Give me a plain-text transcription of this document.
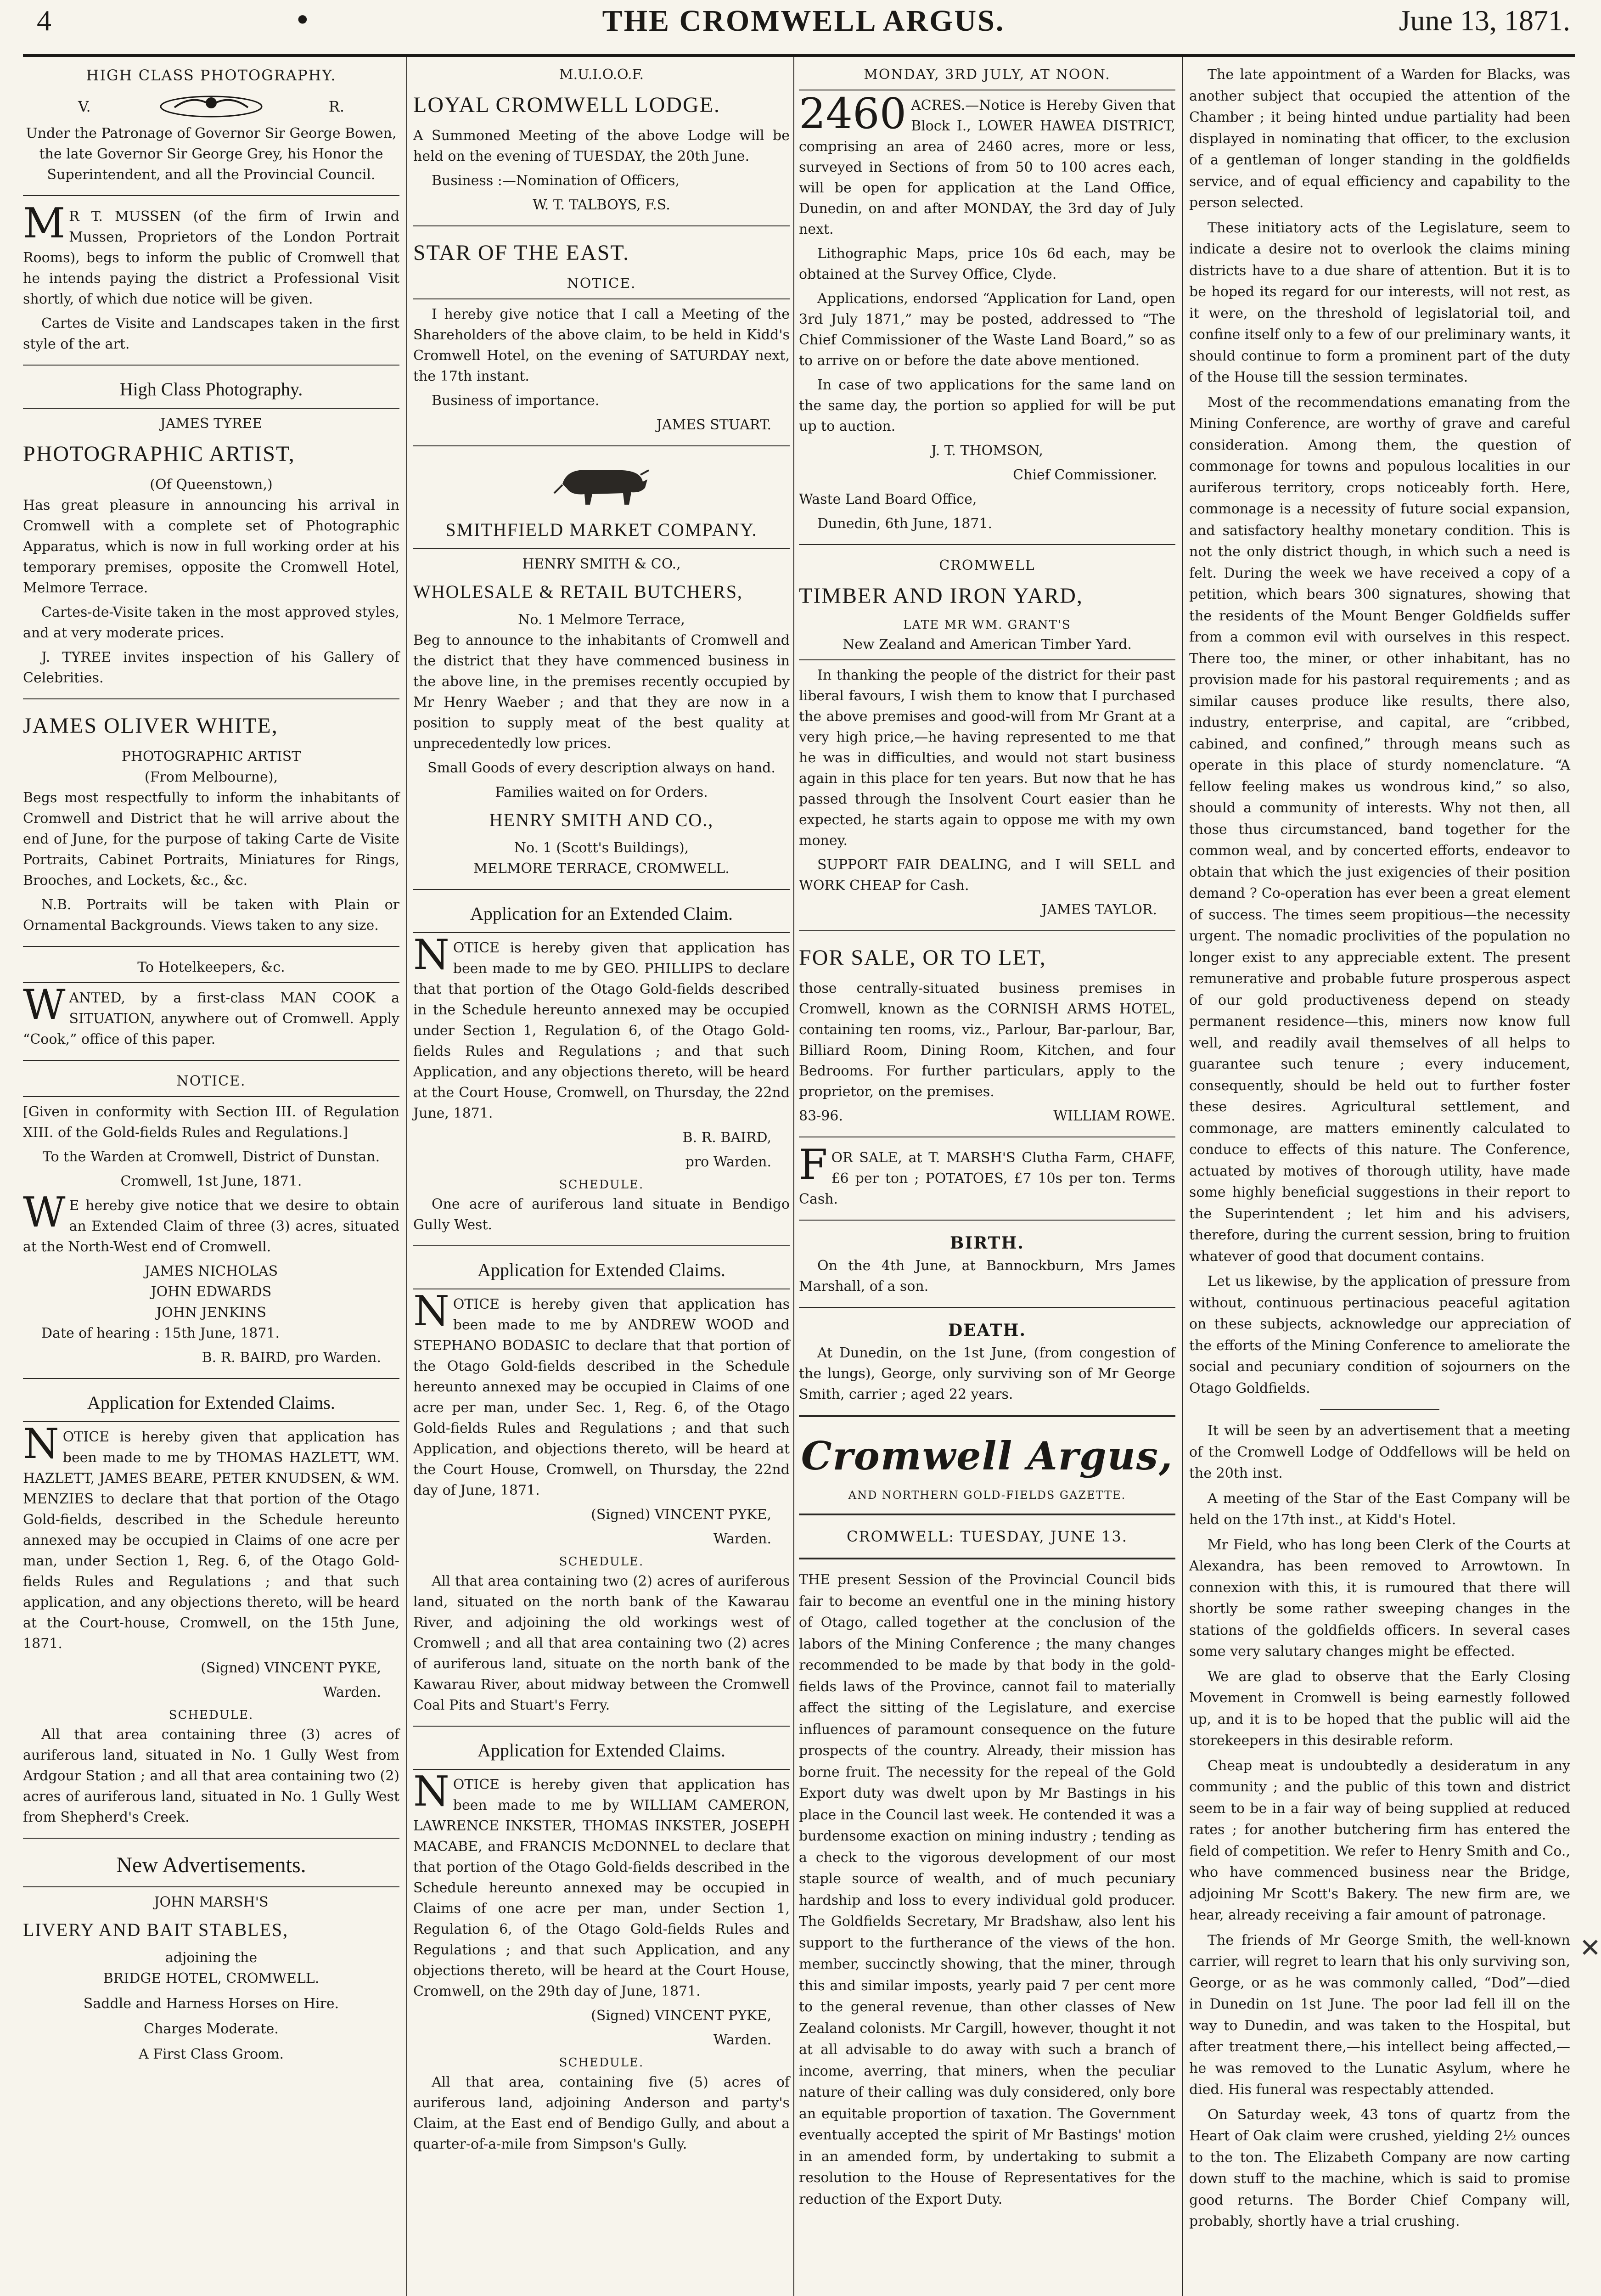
4	•	THE CROMWELL ARGUS.	June 13, 1871.
HIGH CLASS PHOTOGRAPHY.
V.	R.

Under the Patronage of Governor Sir George Bowen, the late Governor Sir George Grey, his Honor the Superintendent, and all the Provincial Council.

MR T. MUSSEN (of the firm of Irwin and Mussen, Proprietors of the London Portrait Rooms), begs to inform the public of Cromwell that he intends paying the district a Professional Visit shortly, of which due notice will be given.

Cartes de Visite and Landscapes taken in the first style of the art.

High Class Photography.
JAMES TYREE
PHOTOGRAPHIC ARTIST,
(Of Queenstown,)

Has great pleasure in announcing his arrival in Cromwell with a complete set of Photographic Apparatus, which is now in full working order at his temporary premises, opposite the Cromwell Hotel, Melmore Terrace.

Cartes-de-Visite taken in the most approved styles, and at very moderate prices.

J. TYREE invites inspection of his Gallery of Celebrities.

JAMES OLIVER WHITE,
PHOTOGRAPHIC ARTIST
(From Melbourne),

Begs most respectfully to inform the inhabitants of Cromwell and District that he will arrive about the end of June, for the purpose of taking Carte de Visite Portraits, Cabinet Portraits, Miniatures for Rings, Brooches, and Lockets, &c., &c.

N.B. Portraits will be taken with Plain or Ornamental Backgrounds. Views taken to any size.

To Hotelkeepers, &c.

WANTED, by a first-class MAN COOK a SITUATION, anywhere out of Cromwell. Apply “Cook,” office of this paper.

NOTICE.

[Given in conformity with Section III. of Regulation XIII. of the Gold-fields Rules and Regulations.]

To the Warden at Cromwell, District of Dunstan.

Cromwell, 1st June, 1871.

WE hereby give notice that we desire to obtain an Extended Claim of three (3) acres, situated at the North-West end of Cromwell.

JAMES NICHOLAS
JOHN EDWARDS
JOHN JENKINS

Date of hearing : 15th June, 1871.

B. R. BAIRD, pro Warden.

Application for Extended Claims.

NOTICE is hereby given that application has been made to me by THOMAS HAZLETT, WM. HAZLETT, JAMES BEARE, PETER KNUDSEN, & WM. MENZIES to declare that that portion of the Otago Gold-fields, described in the Schedule hereunto annexed may be occupied in Claims of one acre per man, under Section 1, Reg. 6, of the Otago Gold-fields Rules and Regulations ; and that such application, and any objections thereto, will be heard at the Court-house, Cromwell, on the 15th June, 1871.

(Signed) VINCENT PYKE,

Warden.

SCHEDULE.

All that area containing three (3) acres of auriferous land, situated in No. 1 Gully West from Ardgour Station ; and all that area containing two (2) acres of auriferous land, situated in No. 1 Gully West from Shepherd's Creek.

New Advertisements.
JOHN MARSH'S
LIVERY AND BAIT STABLES,
adjoining the
BRIDGE HOTEL, CROMWELL.
Saddle and Harness Horses on Hire.
Charges Moderate.
A First Class Groom.
M.U.I.O.O.F.
LOYAL CROMWELL LODGE.

A Summoned Meeting of the above Lodge will be held on the evening of TUESDAY, the 20th June.

Business :—Nomination of Officers,

W. T. TALBOYS, F.S.

STAR OF THE EAST.
NOTICE.

I hereby give notice that I call a Meeting of the Shareholders of the above claim, to be held in Kidd's Cromwell Hotel, on the evening of SATURDAY next, the 17th instant.

Business of importance.

JAMES STUART.

SMITHFIELD MARKET COMPANY.
HENRY SMITH & CO.,
WHOLESALE & RETAIL BUTCHERS,
No. 1 Melmore Terrace,

Beg to announce to the inhabitants of Cromwell and the district that they have commenced business in the above line, in the premises recently occupied by Mr Henry Waeber ; and that they are now in a position to supply meat of the best quality at unprecedentedly low prices.

Small Goods of every description always on hand.

Families waited on for Orders.

HENRY SMITH AND CO.,
No. 1 (Scott's Buildings),
MELMORE TERRACE, CROMWELL.
Application for an Extended Claim.

NOTICE is hereby given that application has been made to me by GEO. PHILLIPS to declare that that portion of the Otago Gold-fields described in the Schedule hereunto annexed may be occupied under Section 1, Regulation 6, of the Otago Gold-fields Rules and Regulations ; and that such Application, and any objections thereto, will be heard at the Court House, Cromwell, on Thursday, the 22nd June, 1871.

B. R. BAIRD,

pro Warden.

SCHEDULE.

One acre of auriferous land situate in Bendigo Gully West.

Application for Extended Claims.

NOTICE is hereby given that application has been made to me by ANDREW WOOD and STEPHANO BODASIC to declare that that portion of the Otago Gold-fields described in the Schedule hereunto annexed may be occupied in Claims of one acre per man, under Sec. 1, Reg. 6, of the Otago Gold-fields Rules and Regulations ; and that such Application, and objections thereto, will be heard at the Court House, Cromwell, on Thursday, the 22nd day of June, 1871.

(Signed) VINCENT PYKE,

Warden.

SCHEDULE.

All that area containing two (2) acres of auriferous land, situated on the north bank of the Kawarau River, and adjoining the old workings west of Cromwell ; and all that area containing two (2) acres of auriferous land, situate on the north bank of the Kawarau River, about midway between the Cromwell Coal Pits and Stuart's Ferry.

Application for Extended Claims.

NOTICE is hereby given that application has been made to me by WILLIAM CAMERON, LAWRENCE INKSTER, THOMAS INKSTER, JOSEPH MACABE, and FRANCIS McDONNEL to declare that that portion of the Otago Gold-fields described in the Schedule hereunto annexed may be occupied in Claims of one acre per man, under Section 1, Regulation 6, of the Otago Gold-fields Rules and Regulations ; and that such Application, and any objections thereto, will be heard at the Court House, Cromwell, on the 29th day of June, 1871.

(Signed) VINCENT PYKE,

Warden.

SCHEDULE.

All that area, containing five (5) acres of auriferous land, adjoining Anderson and party's Claim, at the East end of Bendigo Gully, and about a quarter-of-a-mile from Simpson's Gully.

MONDAY, 3RD JULY, AT NOON.

2460 ACRES.—Notice is Hereby Given that Block I., LOWER HAWEA DISTRICT, comprising an area of 2460 acres, more or less, surveyed in Sections of from 50 to 100 acres each, will be open for application at the Land Office, Dunedin, on and after MONDAY, the 3rd day of July next.

Lithographic Maps, price 10s 6d each, may be obtained at the Survey Office, Clyde.

Applications, endorsed “Application for Land, open 3rd July 1871,” may be posted, addressed to “The Chief Commissioner of the Waste Land Board,” so as to arrive on or before the date above mentioned.

In case of two applications for the same land on the same day, the portion so applied for will be put up to auction.

J. T. THOMSON,

Chief Commissioner.

Waste Land Board Office,

Dunedin, 6th June, 1871.

CROMWELL
TIMBER AND IRON YARD,
LATE MR WM. GRANT'S
New Zealand and American Timber Yard.

In thanking the people of the district for their past liberal favours, I wish them to know that I purchased the above premises and good-will from Mr Grant at a very high price,—he having represented to me that he was in difficulties, and would not start business again in this place for ten years. But now that he has passed through the Insolvent Court easier than he expected, he starts again to oppose me with my own money.

SUPPORT FAIR DEALING, and I will SELL and WORK CHEAP for Cash.

JAMES TAYLOR.

FOR SALE, OR TO LET,

those centrally-situated business premises in Cromwell, known as the CORNISH ARMS HOTEL, containing ten rooms, viz., Parlour, Bar-parlour, Bar, Billiard Room, Dining Room, Kitchen, and four Bedrooms. For further particulars, apply to the proprietor, on the premises.

83-96.	WILLIAM ROWE.

FOR SALE, at T. MARSH'S Clutha Farm, CHAFF, £6 per ton ; POTATOES, £7 10s per ton. Terms Cash.

BIRTH.

On the 4th June, at Bannockburn, Mrs James Marshall, of a son.

DEATH.

At Dunedin, on the 1st June, (from congestion of the lungs), George, only surviving son of Mr George Smith, carrier ; aged 22 years.

Cromwell Argus,
AND NORTHERN GOLD-FIELDS GAZETTE.
CROMWELL: TUESDAY, JUNE 13.

THE present Session of the Provincial Council bids fair to become an eventful one in the mining history of Otago, called together at the conclusion of the labors of the Mining Conference ; the many changes recommended to be made by that body in the gold-fields laws of the Province, cannot fail to materially affect the sitting of the Legislature, and exercise influences of paramount consequence on the future prospects of the country. Already, their mission has borne fruit. The necessity for the repeal of the Gold Export duty was dwelt upon by Mr Bastings in his place in the Council last week. He contended it was a burdensome exaction on mining industry ; tending as a check to the vigorous development of our most staple source of wealth, and of much pecuniary hardship and loss to every individual gold producer. The Goldfields Secretary, Mr Bradshaw, also lent his support to the furtherance of the views of the hon. member, succinctly showing, that the miner, through this and similar imposts, yearly paid 7 per cent more to the general revenue, than other classes of New Zealand colonists. Mr Cargill, however, thought it not at all advisable to do away with such a branch of income, averring, that miners, when the peculiar nature of their calling was duly considered, only bore an equitable proportion of taxation. The Government eventually accepted the spirit of Mr Bastings' motion in an amended form, by undertaking to submit a resolution to the House of Representatives for the reduction of the Export Duty.

The late appointment of a Warden for Blacks, was another subject that occupied the attention of the Chamber ; it being hinted undue partiality had been displayed in nominating that officer, to the exclusion of a gentleman of longer standing in the goldfields service, and of equal efficiency and capability to the person selected.

These initiatory acts of the Legislature, seem to indicate a desire not to overlook the claims mining districts have to a due share of attention. But it is to be hoped its regard for our interests, will not rest, as it were, on the threshold of legislatorial toil, and confine itself only to a few of our preliminary wants, it should continue to form a prominent part of the duty of the House till the session terminates.

Most of the recommendations emanating from the Mining Conference, are worthy of grave and careful consideration. Among them, the question of commonage for towns and populous localities in our auriferous territory, crops noticeably forth. Here, commonage is a necessity of future social expansion, and satisfactory healthy monetary condition. This is not the only district though, in which such a need is felt. During the week we have received a copy of a petition, which bears 300 signatures, showing that the residents of the Mount Benger Goldfields suffer from a common evil with ourselves in this respect. There too, the miner, or other inhabitant, has no provision made for his pastoral requirements ; and as similar causes produce like results, there also, industry, enterprise, and capital, are “cribbed, cabined, and confined,” through means such as operate in this place of sturdy nomenclature. “A fellow feeling makes us wondrous kind,” so also, should a community of interests. Why not then, all those thus circumstanced, band together for the common weal, and by concerted efforts, endeavor to obtain that which the just exigencies of their position demand ? Co-operation has ever been a great element of success. The times seem propitious—the necessity urgent. The nomadic proclivities of the population no longer exist to any appreciable extent. The present remunerative and probable future prosperous aspect of our gold productiveness depend on steady permanent residence—this, miners now know full well, and readily avail themselves of all helps to guarantee such tenure ; every inducement, consequently, should be held out to further foster these desires. Agricultural settlement, and commonage, are matters eminently calculated to conduce to effects of this nature. The Conference, actuated by motives of thorough utility, have made some highly beneficial suggestions in their report to the Superintendent ; let him and his advisers, therefore, during the current session, bring to fruition whatever of good that document contains.

Let us likewise, by the application of pressure from without, continuous pertinacious peaceful agitation on these subjects, acknowledge our appreciation of the efforts of the Mining Conference to ameliorate the social and pecuniary condition of sojourners on the Otago Goldfields.

It will be seen by an advertisement that a meeting of the Cromwell Lodge of Oddfellows will be held on the 20th inst.

A meeting of the Star of the East Company will be held on the 17th inst., at Kidd's Hotel.

Mr Field, who has long been Clerk of the Courts at Alexandra, has been removed to Arrowtown. In connexion with this, it is rumoured that there will shortly be some rather sweeping changes in the stations of the goldfields officers. In several cases some very salutary changes might be effected.

We are glad to observe that the Early Closing Movement in Cromwell is being earnestly followed up, and it is to be hoped that the public will aid the storekeepers in this desirable reform.

Cheap meat is undoubtedly a desideratum in any community ; and the public of this town and district seem to be in a fair way of being supplied at reduced rates ; for another butchering firm has entered the field of competition. We refer to Henry Smith and Co., who have commenced business near the Bridge, adjoining Mr Scott's Bakery. The new firm are, we hear, already receiving a fair amount of patronage.

The friends of Mr George Smith, the well-known carrier, will regret to learn that his only surviving son, George, or as he was commonly called, “Dod”—died in Dunedin on 1st June. The poor lad fell ill on the way to Dunedin, and was taken to the Hospital, but after treatment there,—his intellect being affected,—he was removed to the Lunatic Asylum, where he died. His funeral was respectably attended.

On Saturday week, 43 tons of quartz from the Heart of Oak claim were crushed, yielding 2½ ounces to the ton. The Elizabeth Company are now carting down stuff to the machine, which is said to promise good returns. The Border Chief Company will, probably, shortly have a trial crushing.

✕
